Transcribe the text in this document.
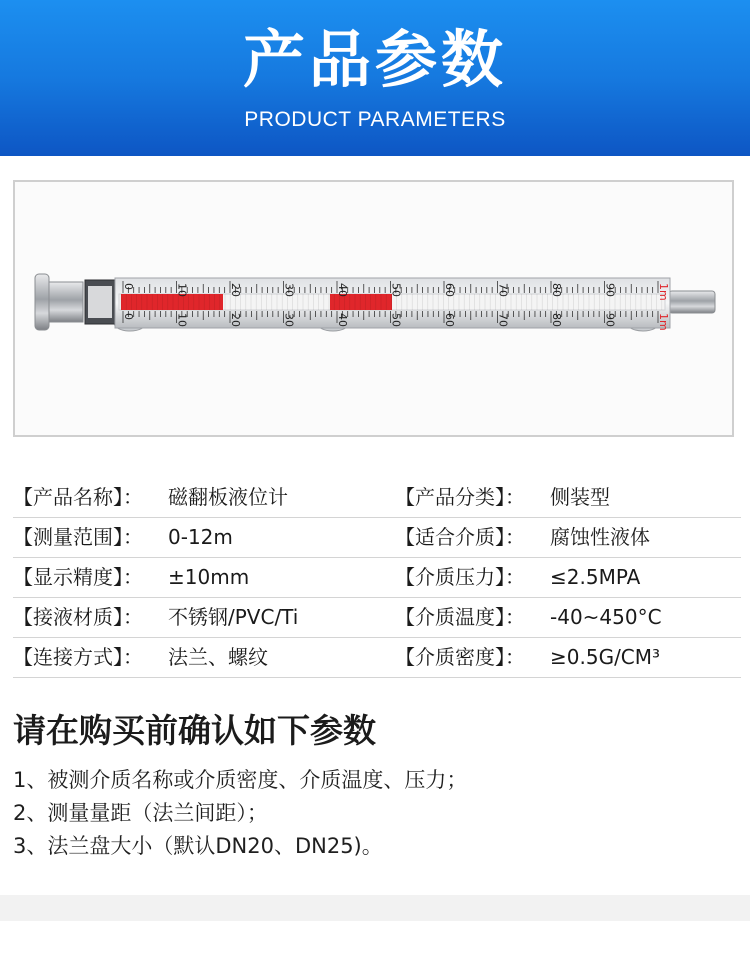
产品参数
PRODUCT PARAMETERS
0	10	20	30	40	50	60	70	80	90	1m
0	10	20	30	40	50	60	70	80	90	1m
【产品名称】： 磁翻板液位计	【产品分类】： 侧装型
【测量范围】： 0-12m	【适合介质】： 腐蚀性液体
【显示精度】： ±10mm	【介质压力】： ≤2.5MPA
【接液材质】： 不锈钢/PVC/Ti	【介质温度】： -40~450°C
【连接方式】： 法兰、螺纹	【介质密度】： ≥0.5G/CM³
请在购买前确认如下参数
1、被测介质名称或介质密度、介质温度、压力；
2、测量量距（法兰间距）；
3、法兰盘大小（默认DN20、DN25)。
